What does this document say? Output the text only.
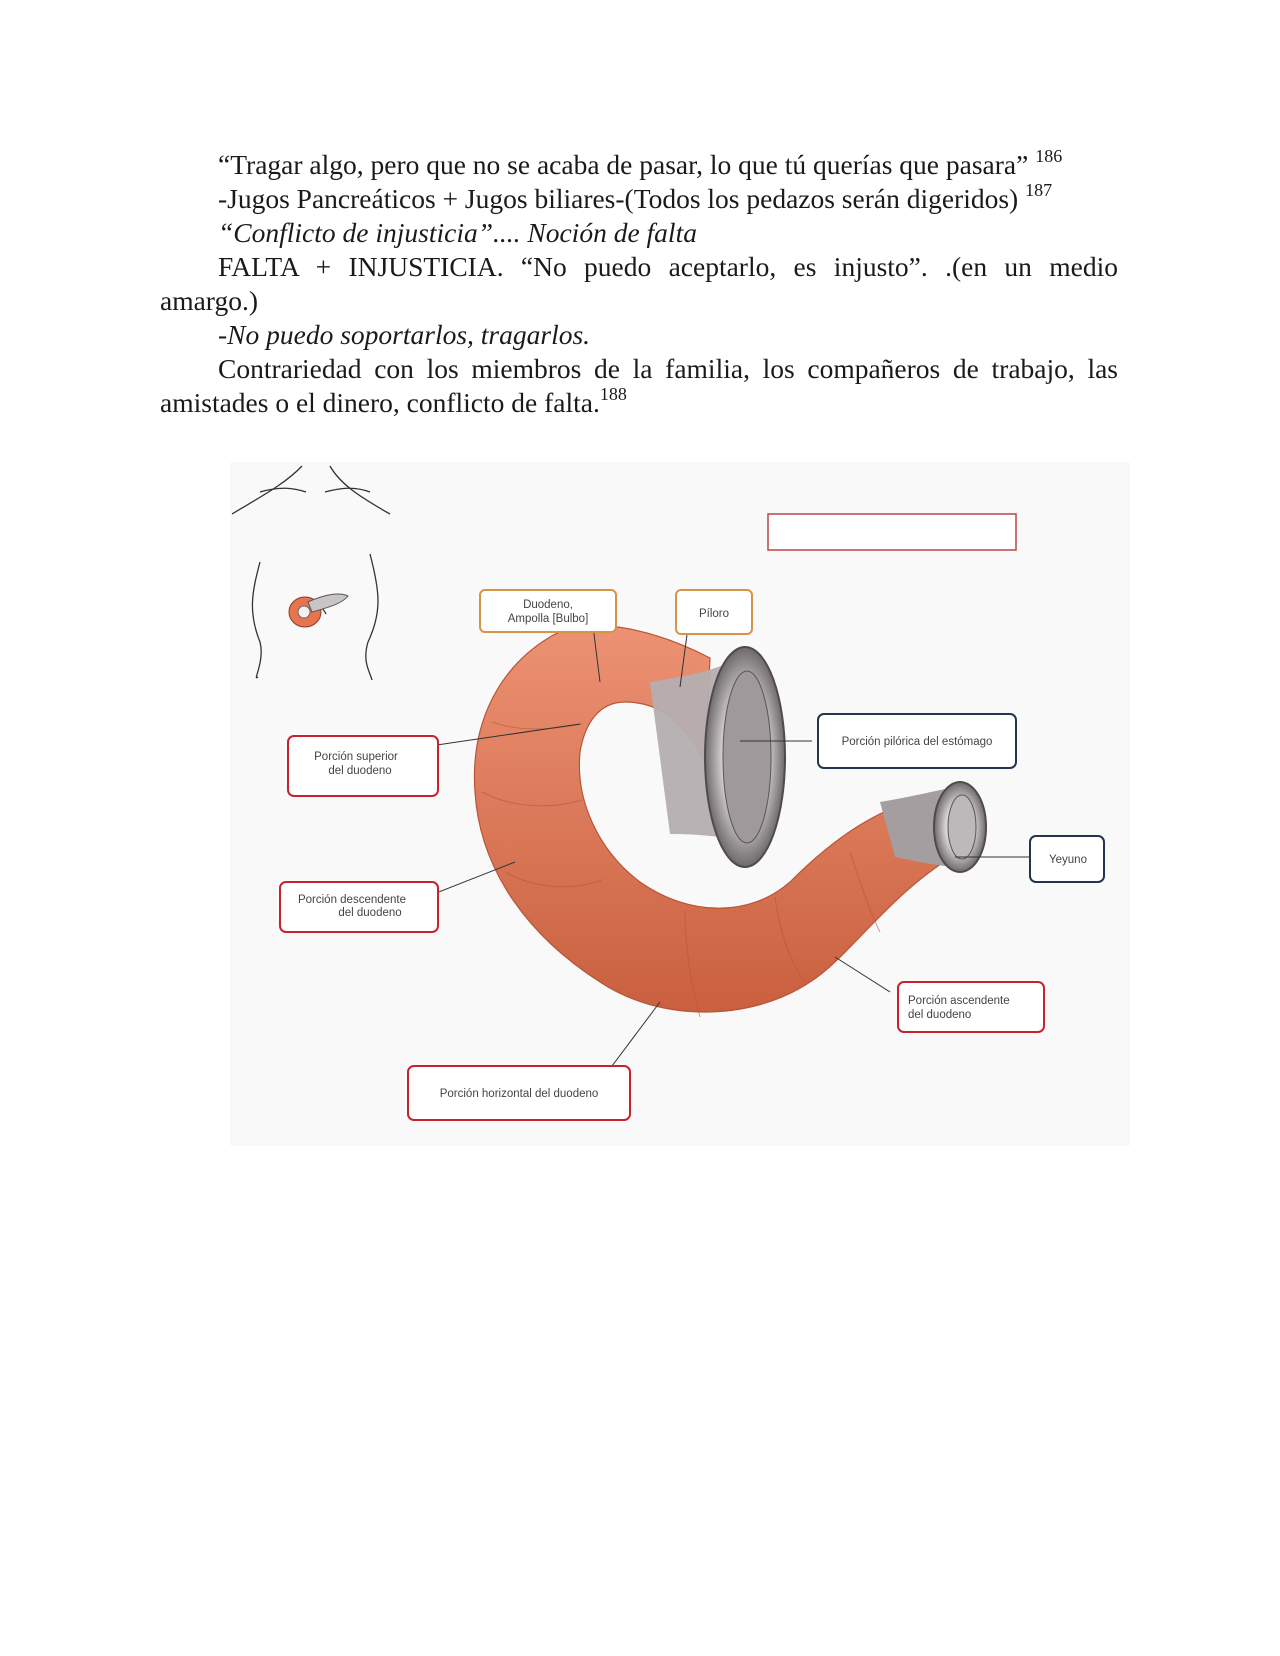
“Tragar algo, pero que no se acaba de pasar, lo que tú querías que pasara” $^{186}$

-Jugos Pancreáticos + Jugos biliares-(Todos los pedazos serán digeridos) $^{187}$

“Conflicto de injusticia”.... Noción de falta

FALTA + INJUSTICIA. “No puedo aceptarlo, es injusto”. .(en un medio amargo.)

-No puedo soportarlos, tragarlos.

Contrariedad con los miembros de la familia, los compañeros de trabajo, las amistades o el dinero, conflicto de falta.$^{188}$

Duodeno,
Ampolla [Bulbo]	Píloro
Porción pilórica del estómago
Porción superior
del duodeno
Yeyuno
Porción descendente
del duodeno
Porción ascendente
del duodeno
Porción horizontal del duodeno
